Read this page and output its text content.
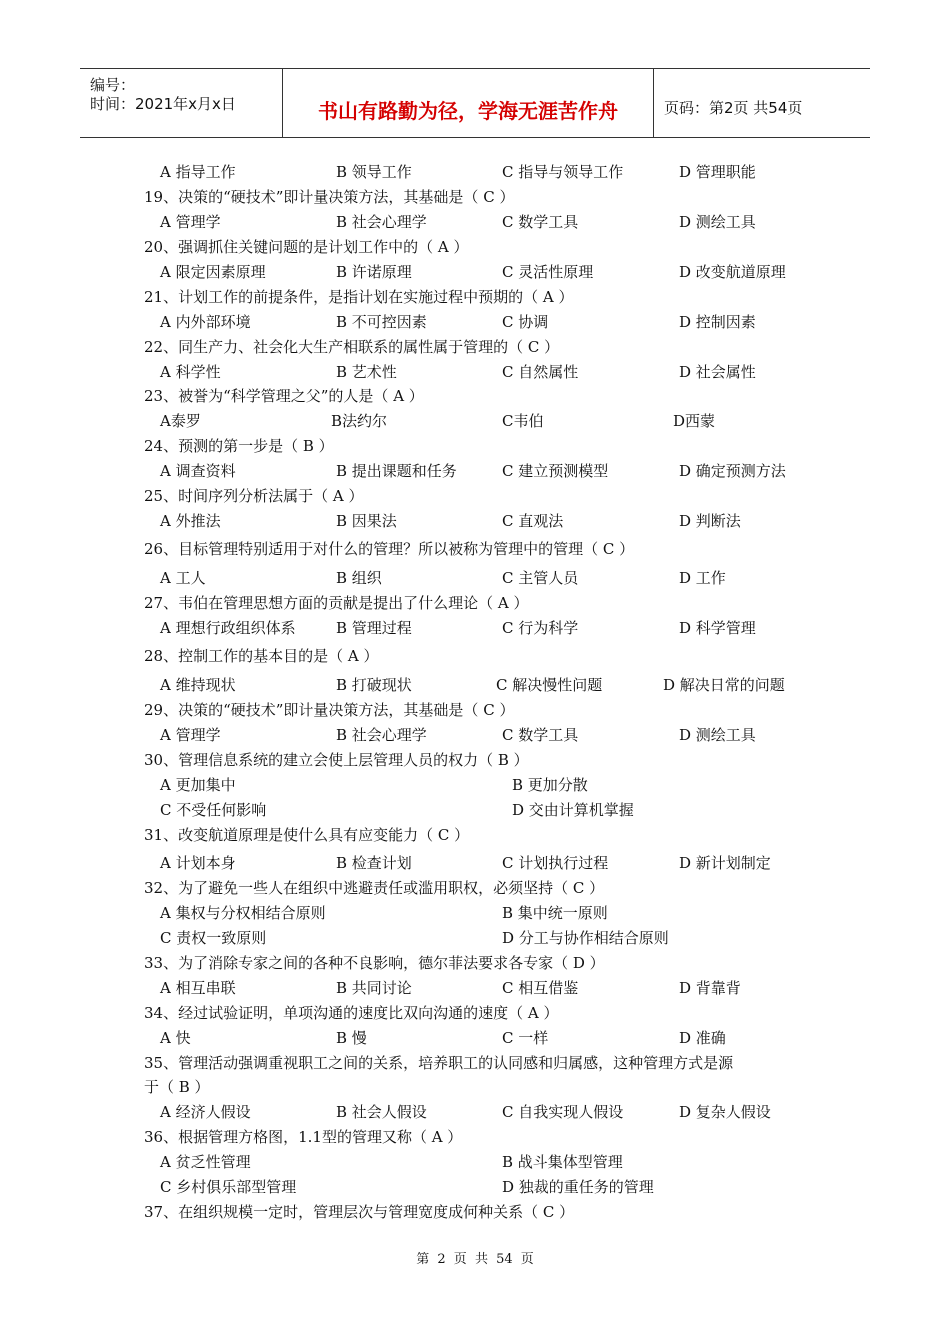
编号：
时间：2021年x月x日	书山有路勤为径，学海无涯苦作舟	页码：第2页 共54页
A 指导工作	B 领导工作	C 指导与领导工作	D 管理职能
19、决策的“硬技术”即计量决策方法，其基础是（ C ）
A 管理学	B 社会心理学	C 数学工具	D 测绘工具
20、强调抓住关键问题的是计划工作中的（ A ）
A 限定因素原理	B 许诺原理	C 灵活性原理	D 改变航道原理
21、计划工作的前提条件，是指计划在实施过程中预期的（ A ）
A 内外部环境	B 不可控因素	C 协调	D 控制因素
22、同生产力、社会化大生产相联系的属性属于管理的（ C ）
A 科学性	B 艺术性	C 自然属性	D 社会属性
23、被誉为“科学管理之父”的人是（ A ）
A泰罗	B法约尔	C韦伯	D西蒙
24、预测的第一步是（ B ）
A 调查资料	B 提出课题和任务	C 建立预测模型	D 确定预测方法
25、时间序列分析法属于（ A ）
A 外推法	B 因果法	C 直观法	D 判断法
26、目标管理特别适用于对什么的管理？所以被称为管理中的管理（ C ）
A 工人	B 组织	C 主管人员	D 工作
27、韦伯在管理思想方面的贡献是提出了什么理论（ A ）
A 理想行政组织体系	B 管理过程	C 行为科学	D 科学管理
28、控制工作的基本目的是（ A ）
A 维持现状	B 打破现状	C 解决慢性问题	D 解决日常的问题
29、决策的“硬技术”即计量决策方法，其基础是（ C ）
A 管理学	B 社会心理学	C 数学工具	D 测绘工具
30、管理信息系统的建立会使上层管理人员的权力（ B ）
A 更加集中	B 更加分散
C 不受任何影响	D 交由计算机掌握
31、改变航道原理是使什么具有应变能力（ C ）
A 计划本身	B 检查计划	C 计划执行过程	D 新计划制定
32、为了避免一些人在组织中逃避责任或滥用职权，必须坚持（ C ）
A 集权与分权相结合原则	B 集中统一原则
C 责权一致原则	D 分工与协作相结合原则
33、为了消除专家之间的各种不良影响，德尔菲法要求各专家（ D ）
A 相互串联	B 共同讨论	C 相互借鉴	D 背靠背
34、经过试验证明，单项沟通的速度比双向沟通的速度（ A ）
A 快	B 慢	C 一样	D 准确
35、管理活动强调重视职工之间的关系，培养职工的认同感和归属感，这种管理方式是源
于（ B ）
A 经济人假设	B 社会人假设	C 自我实现人假设	D 复杂人假设
36、根据管理方格图，1.1型的管理又称（ A ）
A 贫乏性管理	B 战斗集体型管理
C 乡村俱乐部型管理	D 独裁的重任务的管理
37、在组织规模一定时，管理层次与管理宽度成何种关系（ C ）
第 2 页 共 54 页
